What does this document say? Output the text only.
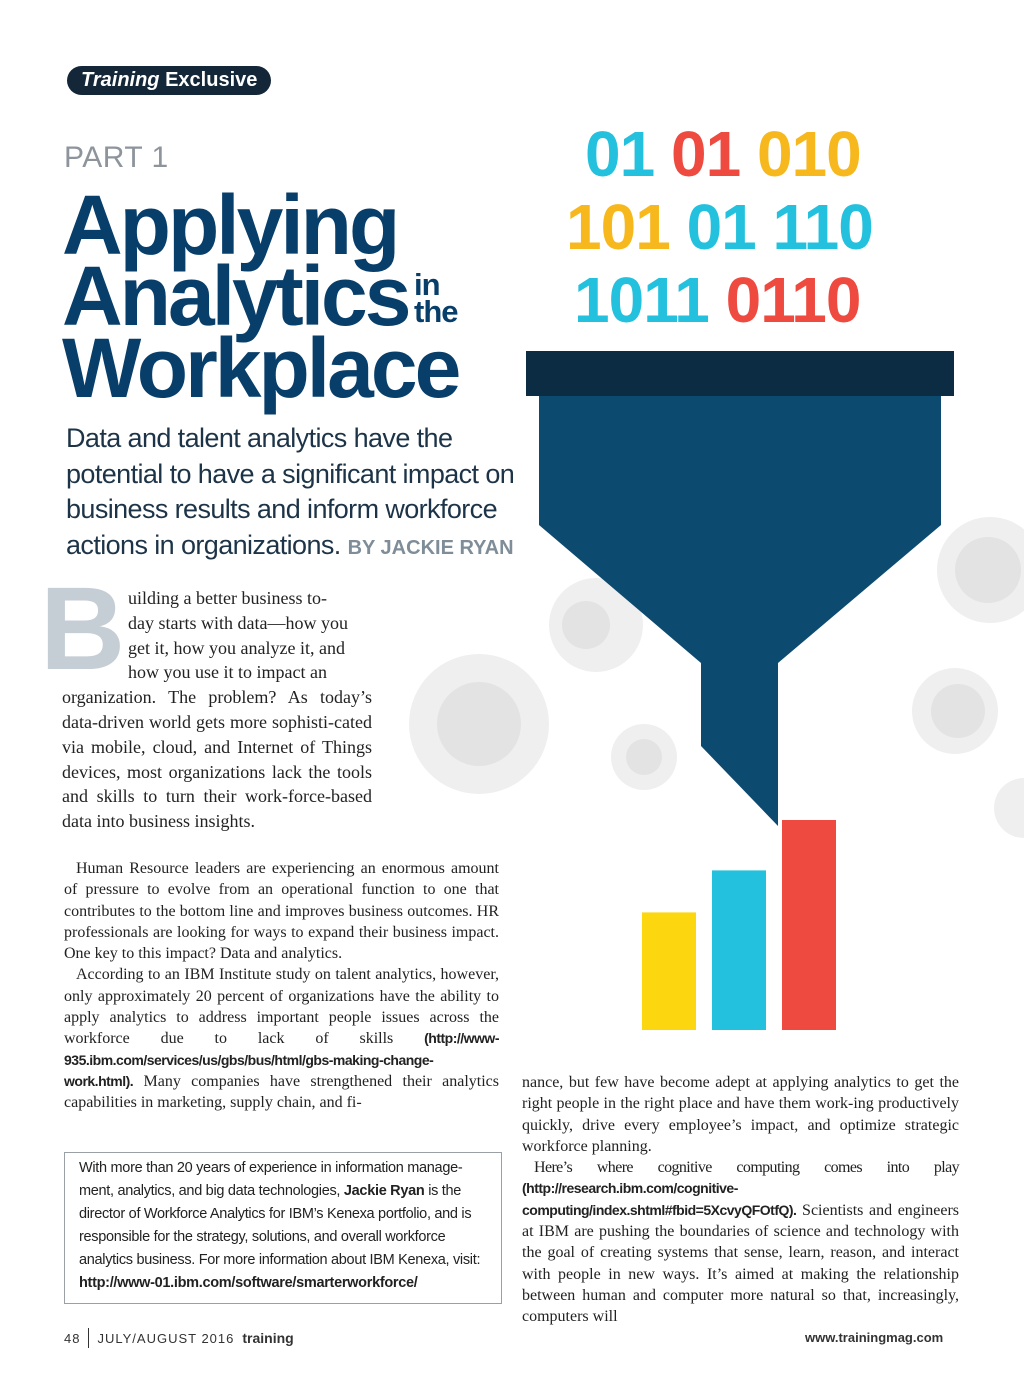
01 01 010
101 01 110
1011 0110
Training Exclusive
PART 1
Applying
Analytics in
the
Workplace
Data and talent analytics have the potential to have a significant impact on business results and inform workforce actions in organizations. BY JACKIE RYAN
B uilding a better business to-
day starts with data—how you
get it, how you analyze it, and
how you use it to impact an
organization. The problem? As today’s data-driven world gets more sophisti-cated via mobile, cloud, and Internet of Things devices, most organizations lack the tools and skills to turn their work-force-based data into business insights.

Human Resource leaders are experiencing an enormous amount of pressure to evolve from an operational function to one that contributes to the bottom line and improves business outcomes. HR professionals are looking for ways to expand their business impact. One key to this impact? Data and analytics.

According to an IBM Institute study on talent analytics, however, only approximately 20 percent of organizations have the ability to apply analytics to address important people issues across the workforce due to lack of skills (http://www-935.ibm.com/services/us/gbs/bus/html/gbs-making-change-work.html). Many companies have strengthened their analytics capabilities in marketing, supply chain, and fi-

With more than 20 years of experience in information manage-ment, analytics, and big data technologies, Jackie Ryan is the director of Workforce Analytics for IBM’s Kenexa portfolio, and is responsible for the strategy, solutions, and overall workforce analytics business. For more information about IBM Kenexa, visit: http://www-01.ibm.com/software/smarterworkforce/

nance, but few have become adept at applying analytics to get the right people in the right place and have them work-ing productively quickly, drive every employee’s impact, and optimize strategic workforce planning.

Here’s where cognitive computing comes into play (http://research.ibm.com/cognitive-computing/index.shtml#fbid=5XcvyQFOtfQ). Scientists and engineers at IBM are pushing the boundaries of science and technology with the goal of creating systems that sense, learn, reason, and interact with people in new ways. It’s aimed at making the relationship between human and computer more natural so that, increasingly, computers will

48 JULY/AUGUST 2016 training	www.trainingmag.com
